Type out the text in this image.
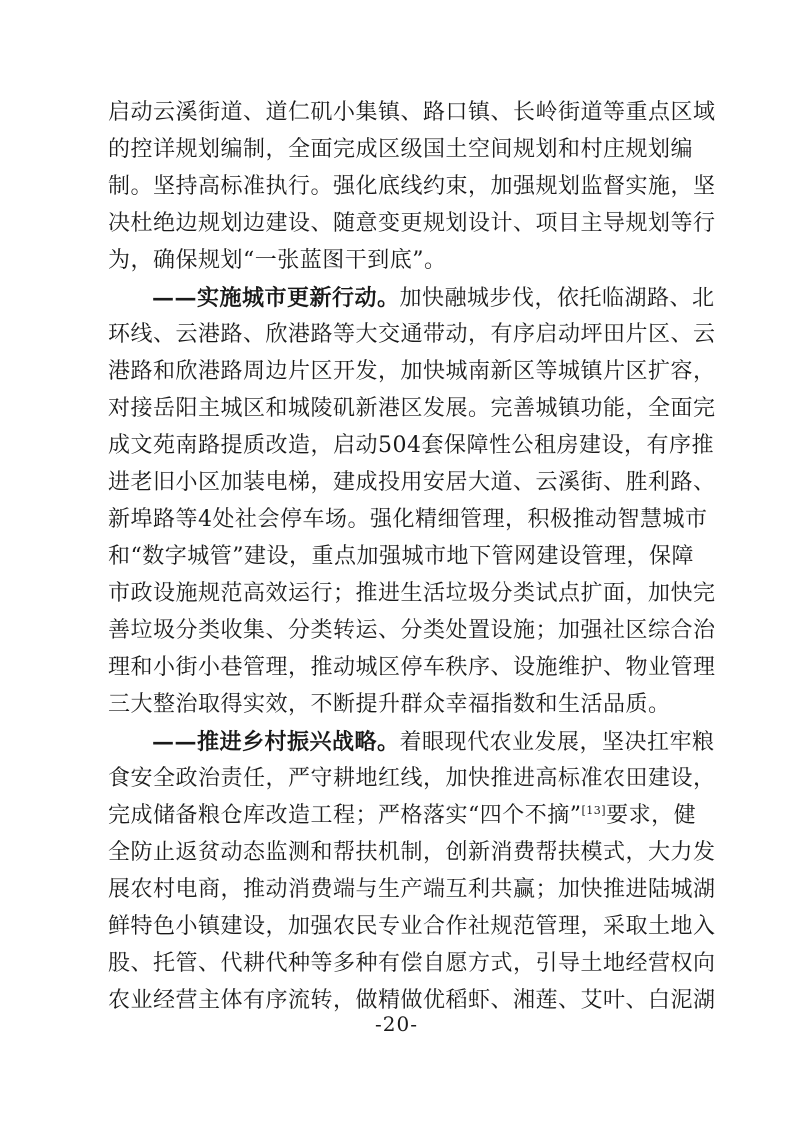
启动云溪街道、道仁矶小集镇、路口镇、长岭街道等重点区域
的控详规划编制，全面完成区级国土空间规划和村庄规划编
制。坚持高标准执行。强化底线约束，加强规划监督实施，坚
决杜绝边规划边建设、随意变更规划设计、项目主导规划等行
为，确保规划“一张蓝图干到底”。
——实施城市更新行动。加快融城步伐，依托临湖路、北
环线、云港路、欣港路等大交通带动，有序启动坪田片区、云
港路和欣港路周边片区开发，加快城南新区等城镇片区扩容，
对接岳阳主城区和城陵矶新港区发展。完善城镇功能，全面完
成文苑南路提质改造，启动504套保障性公租房建设，有序推
进老旧小区加装电梯，建成投用安居大道、云溪街、胜利路、
新埠路等4处社会停车场。强化精细管理，积极推动智慧城市
和“数字城管”建设，重点加强城市地下管网建设管理，保障
市政设施规范高效运行；推进生活垃圾分类试点扩面，加快完
善垃圾分类收集、分类转运、分类处置设施；加强社区综合治
理和小街小巷管理，推动城区停车秩序、设施维护、物业管理
三大整治取得实效，不断提升群众幸福指数和生活品质。
——推进乡村振兴战略。着眼现代农业发展，坚决扛牢粮
食安全政治责任，严守耕地红线，加快推进高标准农田建设，
完成储备粮仓库改造工程；严格落实“四个不摘”[13]要求，健
全防止返贫动态监测和帮扶机制，创新消费帮扶模式，大力发
展农村电商，推动消费端与生产端互利共赢；加快推进陆城湖
鲜特色小镇建设，加强农民专业合作社规范管理，采取土地入
股、托管、代耕代种等多种有偿自愿方式，引导土地经营权向
农业经营主体有序流转，做精做优稻虾、湘莲、艾叶、白泥湖
-20-
